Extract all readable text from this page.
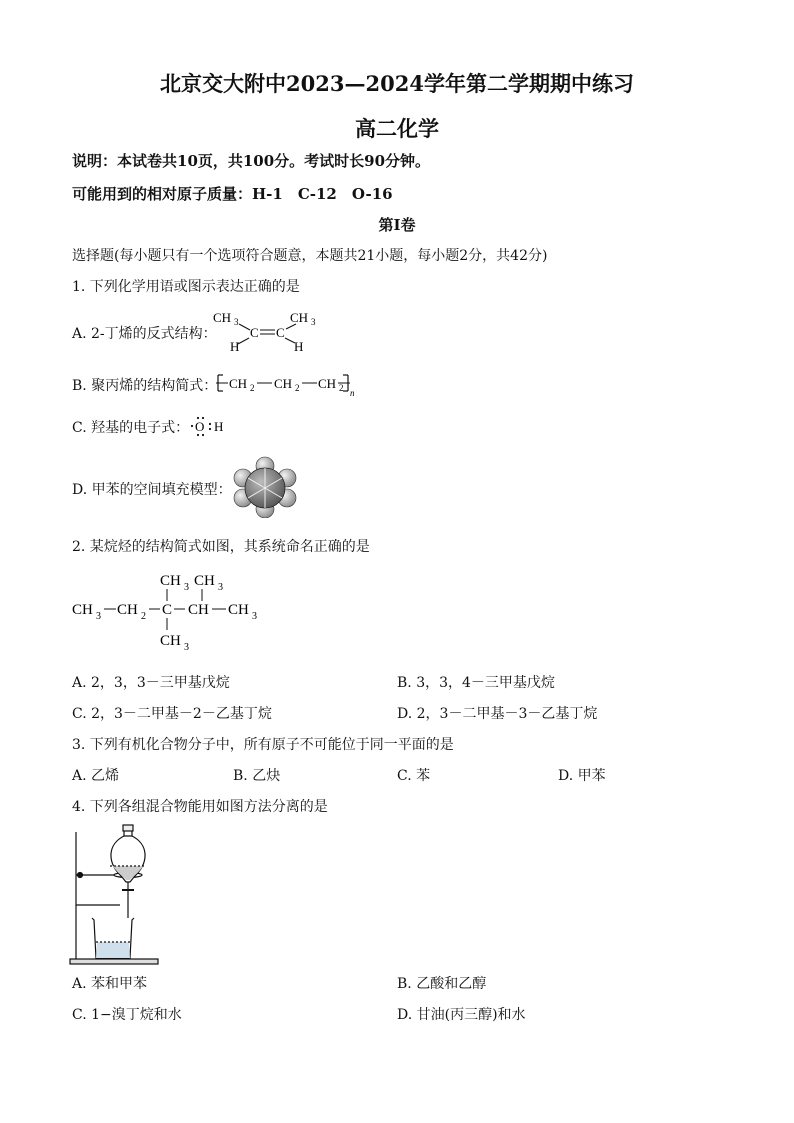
北京交大附中2023—2024学年第二学期期中练习
高二化学
说明：本试卷共10页，共100分。考试时长90分钟。
可能用到的相对原子质量：H-1　C-12　O-16
第I卷
选择题(每小题只有一个选项符合题意，本题共21小题，每小题2分，共42分)
1. 下列化学用语或图示表达正确的是
A. 2-丁烯的反式结构：
CH 3
C C
H
CH 3
H
B. 聚丙烯的结构简式： CH 2 CH 2 CH 2 n
C. 羟基的电子式： O H
D. 甲苯的空间填充模型：
2. 某烷烃的结构简式如图，其系统命名正确的是
CH 3 CH 3
CH 3 CH 2 C CH CH 3
CH 3
A. 2，3，3－三甲基戊烷	B. 3，3，4－三甲基戊烷
C. 2，3－二甲基－2－乙基丁烷	D. 2，3－二甲基－3－乙基丁烷
3. 下列有机化合物分子中，所有原子不可能位于同一平面的是
A. 乙烯	B. 乙炔	C. 苯	D. 甲苯
4. 下列各组混合物能用如图方法分离的是
A. 苯和甲苯	B. 乙酸和乙醇
C. 1−溴丁烷和水	D. 甘油(丙三醇)和水
